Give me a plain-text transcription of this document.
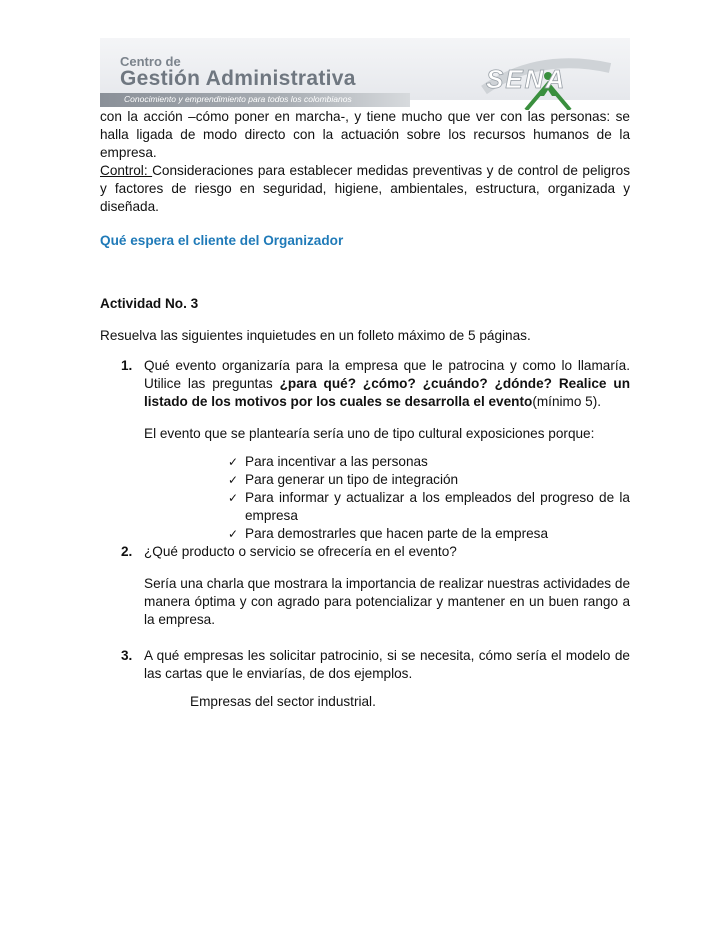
Centro de
Gestión Administrativa
Conocimiento y emprendimiento para todos los colombianos
SENA

con la acción –cómo poner en marcha-, y tiene mucho que ver con las personas: se halla ligada de modo directo con la actuación sobre los recursos humanos de la empresa.

Control: Consideraciones para establecer medidas preventivas y de control de peligros y factores de riesgo en seguridad, higiene, ambientales, estructura, organizada y diseñada.

Qué espera el cliente del Organizador

Actividad No. 3

Resuelva las siguientes inquietudes en un folleto máximo de 5 páginas.

1. Qué evento organizaría para la empresa que le patrocina y como lo llamaría. Utilice las preguntas ¿para qué? ¿cómo? ¿cuándo? ¿dónde? Realice un listado de los motivos por los cuales se desarrolla el evento(mínimo 5).

El evento que se plantearía sería uno de tipo cultural exposiciones porque:

✓ Para incentivar a las personas
✓ Para generar un tipo de integración
✓ Para informar y actualizar a los empleados del progreso de la empresa
✓ Para demostrarles que hacen parte de la empresa
2. ¿Qué producto o servicio se ofrecería en el evento?

Sería una charla que mostrara la importancia de realizar nuestras actividades de manera óptima y con agrado para potencializar y mantener en un buen rango a la empresa.

3. A qué empresas les solicitar patrocinio, si se necesita, cómo sería el modelo de las cartas que le enviarías, de dos ejemplos.

Empresas del sector industrial.
